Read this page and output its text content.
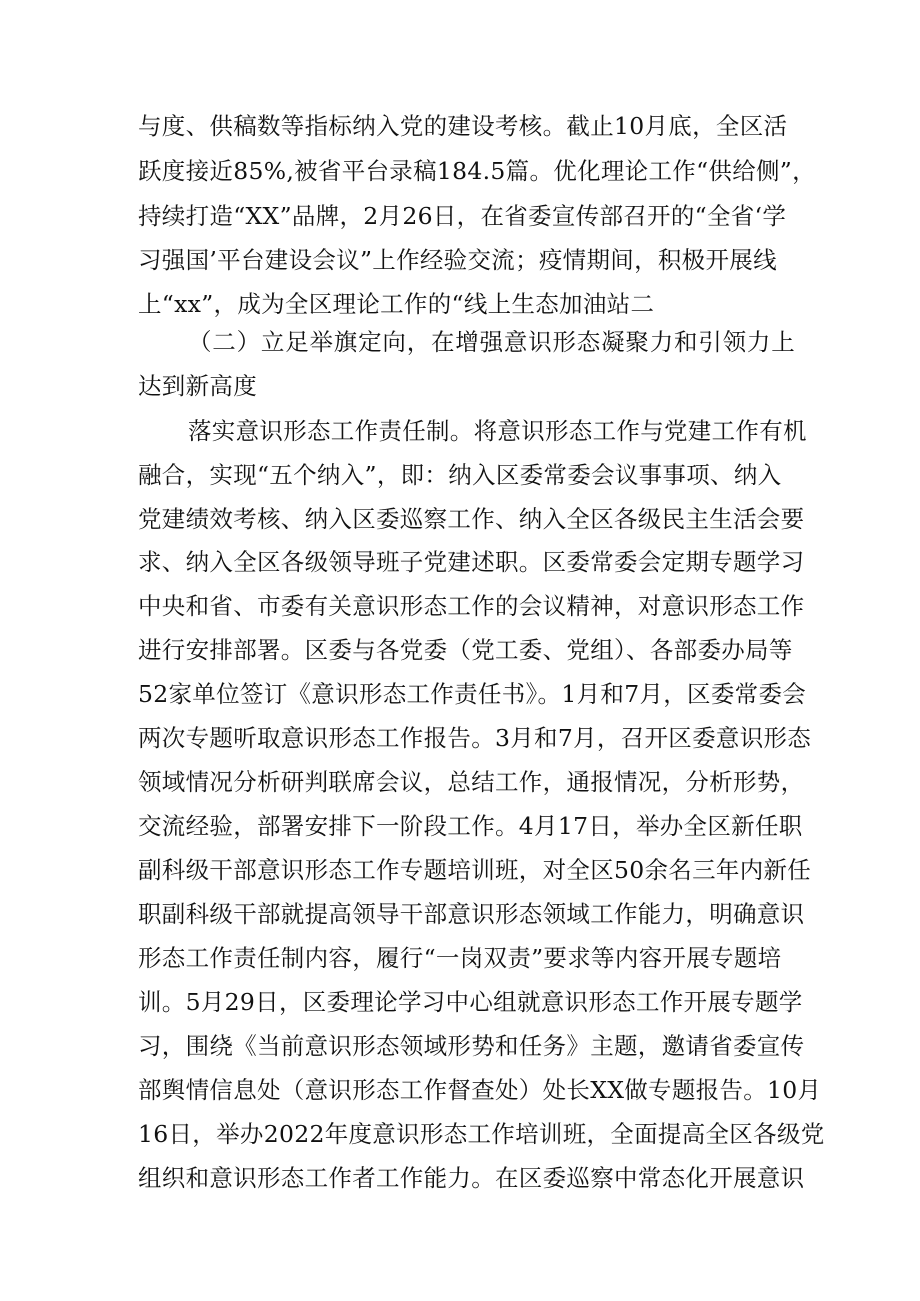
与度、供稿数等指标纳入党的建设考核。截止10月底，全区活
跃度接近85%,被省平台录稿184.5篇。优化理论工作“供给侧”，
持续打造“XX”品牌，2月26日，在省委宣传部召开的“全省‘学
习强国’平台建设会议”上作经验交流；疫情期间，积极开展线
上“xx”，成为全区理论工作的“线上生态加油站二
（二）立足举旗定向，在增强意识形态凝聚力和引领力上
达到新高度
落实意识形态工作责任制。将意识形态工作与党建工作有机
融合，实现“五个纳入”，即：纳入区委常委会议事事项、纳入
党建绩效考核、纳入区委巡察工作、纳入全区各级民主生活会要
求、纳入全区各级领导班子党建述职。区委常委会定期专题学习
中央和省、市委有关意识形态工作的会议精神，对意识形态工作
进行安排部署。区委与各党委（党工委、党组）、各部委办局等
52家单位签订《意识形态工作责任书》。1月和7月，区委常委会
两次专题听取意识形态工作报告。3月和7月，召开区委意识形态
领域情况分析研判联席会议，总结工作，通报情况，分析形势，
交流经验，部署安排下一阶段工作。4月17日，举办全区新任职
副科级干部意识形态工作专题培训班，对全区50余名三年内新任
职副科级干部就提高领导干部意识形态领域工作能力，明确意识
形态工作责任制内容，履行“一岗双责”要求等内容开展专题培
训。5月29日，区委理论学习中心组就意识形态工作开展专题学
习，围绕《当前意识形态领域形势和任务》主题，邀请省委宣传
部舆情信息处（意识形态工作督查处）处长XX做专题报告。10月
16日，举办2022年度意识形态工作培训班，全面提高全区各级党
组织和意识形态工作者工作能力。在区委巡察中常态化开展意识
